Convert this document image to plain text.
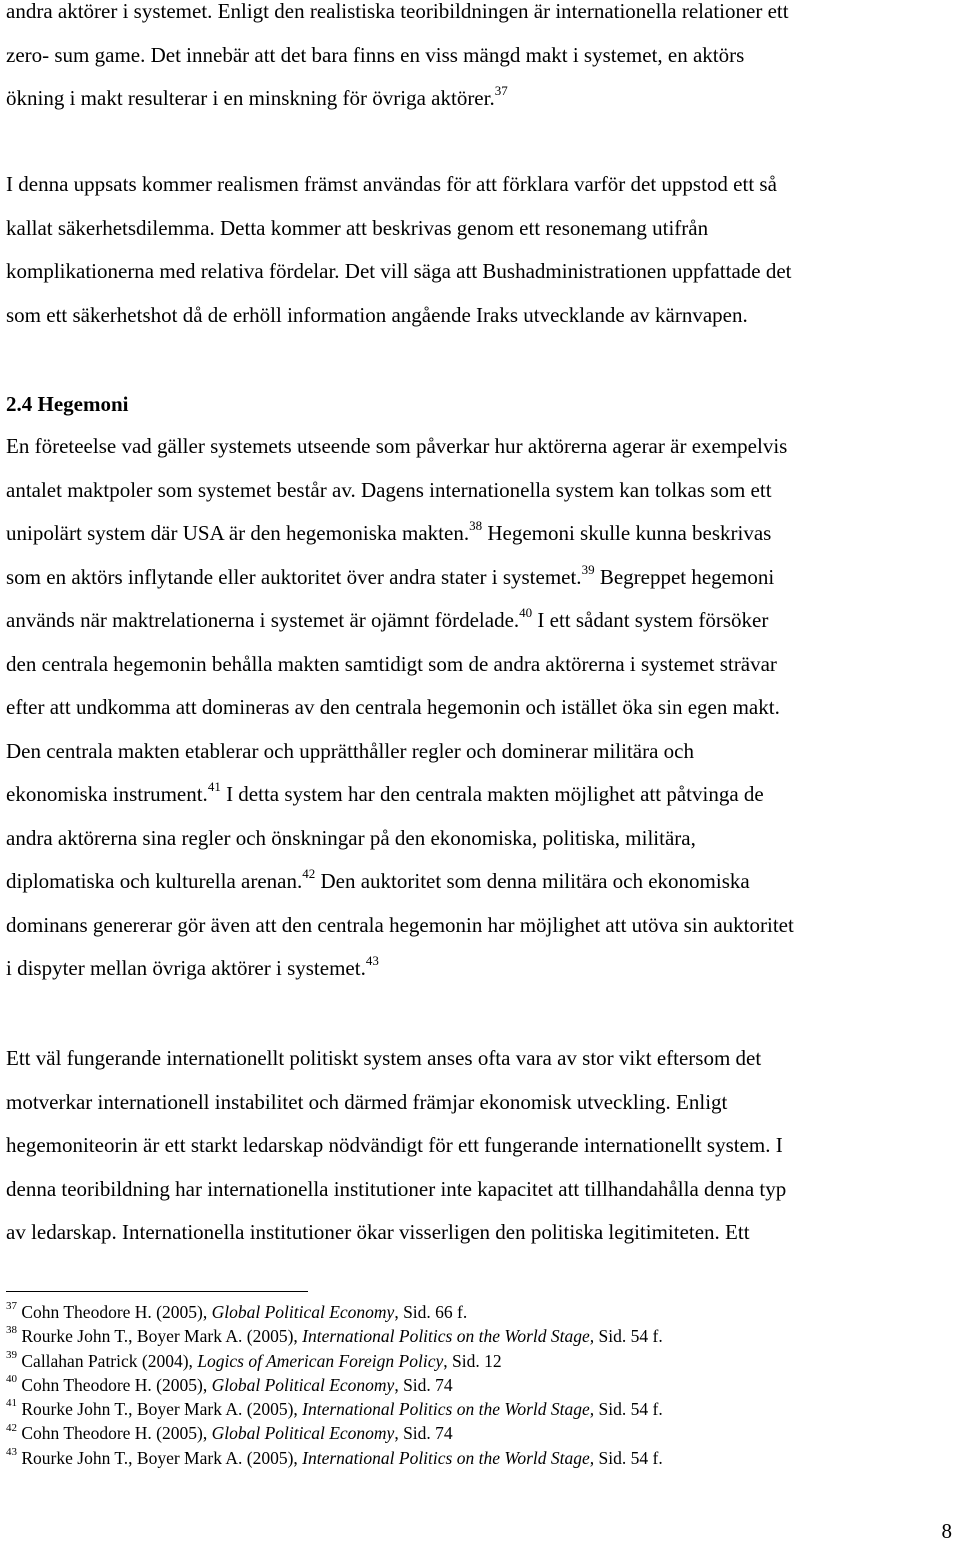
andra aktörer i systemet. Enligt den realistiska teoribildningen är internationella relationer ett
zero- sum game. Det innebär att det bara finns en viss mängd makt i systemet, en aktörs
ökning i makt resulterar i en minskning för övriga aktörer.$^{37}$
I denna uppsats kommer realismen främst användas för att förklara varför det uppstod ett så
kallat säkerhetsdilemma. Detta kommer att beskrivas genom ett resonemang utifrån
komplikationerna med relativa fördelar. Det vill säga att Bushadministrationen uppfattade det
som ett säkerhetshot då de erhöll information angående Iraks utvecklande av kärnvapen.
2.4 Hegemoni
En företeelse vad gäller systemets utseende som påverkar hur aktörerna agerar är exempelvis
antalet maktpoler som systemet består av. Dagens internationella system kan tolkas som ett
unipolärt system där USA är den hegemoniska makten.$^{38}$ Hegemoni skulle kunna beskrivas
som en aktörs inflytande eller auktoritet över andra stater i systemet.$^{39}$ Begreppet hegemoni
används när maktrelationerna i systemet är ojämnt fördelade.$^{40}$ I ett sådant system försöker
den centrala hegemonin behålla makten samtidigt som de andra aktörerna i systemet strävar
efter att undkomma att domineras av den centrala hegemonin och istället öka sin egen makt.
Den centrala makten etablerar och upprätthåller regler och dominerar militära och
ekonomiska instrument.$^{41}$ I detta system har den centrala makten möjlighet att påtvinga de
andra aktörerna sina regler och önskningar på den ekonomiska, politiska, militära,
diplomatiska och kulturella arenan.$^{42}$ Den auktoritet som denna militära och ekonomiska
dominans genererar gör även att den centrala hegemonin har möjlighet att utöva sin auktoritet
i dispyter mellan övriga aktörer i systemet.$^{43}$
Ett väl fungerande internationellt politiskt system anses ofta vara av stor vikt eftersom det
motverkar internationell instabilitet och därmed främjar ekonomisk utveckling. Enligt
hegemoniteorin är ett starkt ledarskap nödvändigt för ett fungerande internationellt system. I
denna teoribildning har internationella institutioner inte kapacitet att tillhandahålla denna typ
av ledarskap. Internationella institutioner ökar visserligen den politiska legitimiteten. Ett

$^{37}$ Cohn Theodore H. (2005), Global Political Economy, Sid. 66 f.

$^{38}$ Rourke John T., Boyer Mark A. (2005), International Politics on the World Stage, Sid. 54 f.

$^{39}$ Callahan Patrick (2004), Logics of American Foreign Policy, Sid. 12

$^{40}$ Cohn Theodore H. (2005), Global Political Economy, Sid. 74

$^{41}$ Rourke John T., Boyer Mark A. (2005), International Politics on the World Stage, Sid. 54 f.

$^{42}$ Cohn Theodore H. (2005), Global Political Economy, Sid. 74

$^{43}$ Rourke John T., Boyer Mark A. (2005), International Politics on the World Stage, Sid. 54 f.

8
